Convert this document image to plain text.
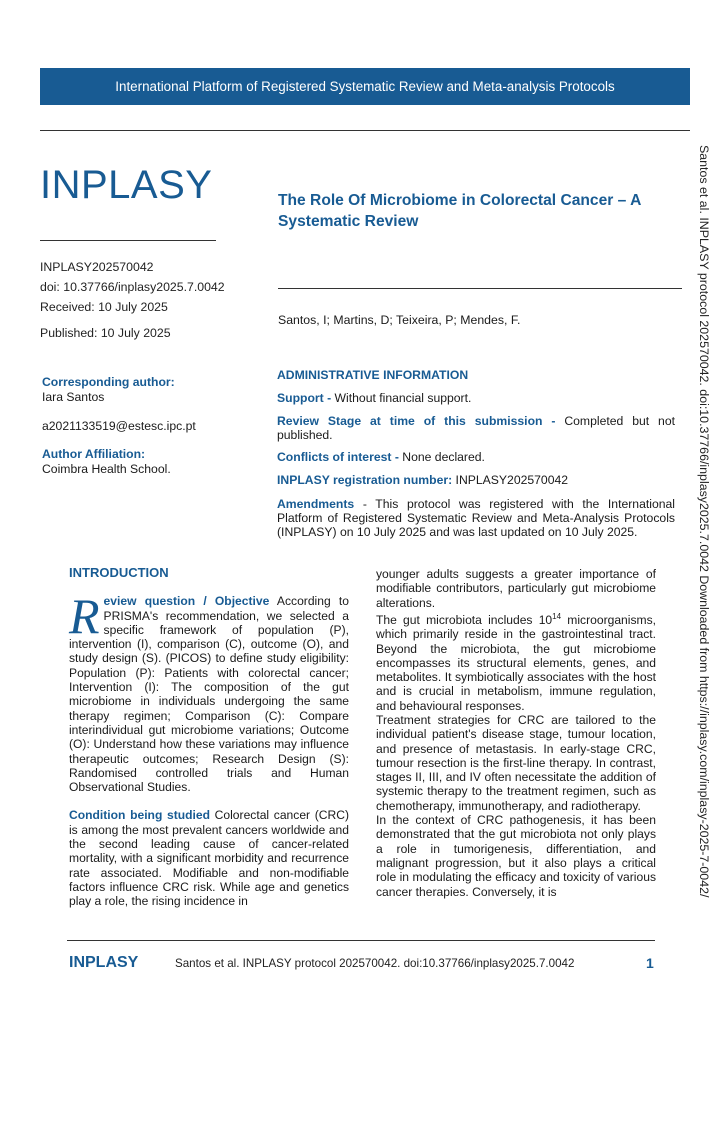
International Platform of Registered Systematic Review and Meta-analysis Protocols
INPLASY
INPLASY202570042
doi: 10.37766/inplasy2025.7.0042
Received: 10 July 2025
Published: 10 July 2025
The Role Of Microbiome in Colorectal Cancer – A Systematic Review
Santos, I; Martins, D; Teixeira, P; Mendes, F.
Corresponding author:
Iara Santos
a2021133519@estesc.ipc.pt
Author Affiliation:
Coimbra Health School.
ADMINISTRATIVE INFORMATION
Support - Without financial support.
Review Stage at time of this submission - Completed but not published.
Conflicts of interest - None declared.
INPLASY registration number: INPLASY202570042
Amendments - This protocol was registered with the International Platform of Registered Systematic Review and Meta-Analysis Protocols (INPLASY) on 10 July 2025 and was last updated on 10 July 2025.
INTRODUCTION

Review question / Objective According to PRISMA's recommendation, we selected a specific framework of population (P), intervention (I), comparison (C), outcome (O), and study design (S). (PICOS) to define study eligibility: Population (P): Patients with colorectal cancer; Intervention (I): The composition of the gut microbiome in individuals undergoing the same therapy regimen; Comparison (C): Compare interindividual gut microbiome variations; Outcome (O): Understand how these variations may influence therapeutic outcomes; Research Design (S): Randomised controlled trials and Human Observational Studies.

Condition being studied Colorectal cancer (CRC) is among the most prevalent cancers worldwide and the second leading cause of cancer-related mortality, with a significant morbidity and recurrence rate associated. Modifiable and non-modifiable factors influence CRC risk. While age and genetics play a role, the rising incidence in

younger adults suggests a greater importance of modifiable contributors, particularly gut microbiome alterations.

The gut microbiota includes $10^{14}$ microorganisms, which primarily reside in the gastrointestinal tract. Beyond the microbiota, the gut microbiome encompasses its structural elements, genes, and metabolites. It symbiotically associates with the host and is crucial in metabolism, immune regulation, and behavioural responses.

Treatment strategies for CRC are tailored to the individual patient's disease stage, tumour location, and presence of metastasis. In early-stage CRC, tumour resection is the first-line therapy. In contrast, stages II, III, and IV often necessitate the addition of systemic therapy to the treatment regimen, such as chemotherapy, immunotherapy, and radiotherapy.

In the context of CRC pathogenesis, it has been demonstrated that the gut microbiota not only plays a role in tumorigenesis, differentiation, and malignant progression, but it also plays a critical role in modulating the efficacy and toxicity of various cancer therapies. Conversely, it is	Santos et al. INPLASY protocol 202570042. doi:10.37766/inplasy2025.7.0042 Downloaded from https://inplasy.com/inplasy-2025-7-0042/
INPLASY	Santos et al. INPLASY protocol 202570042. doi:10.37766/inplasy2025.7.0042	1
